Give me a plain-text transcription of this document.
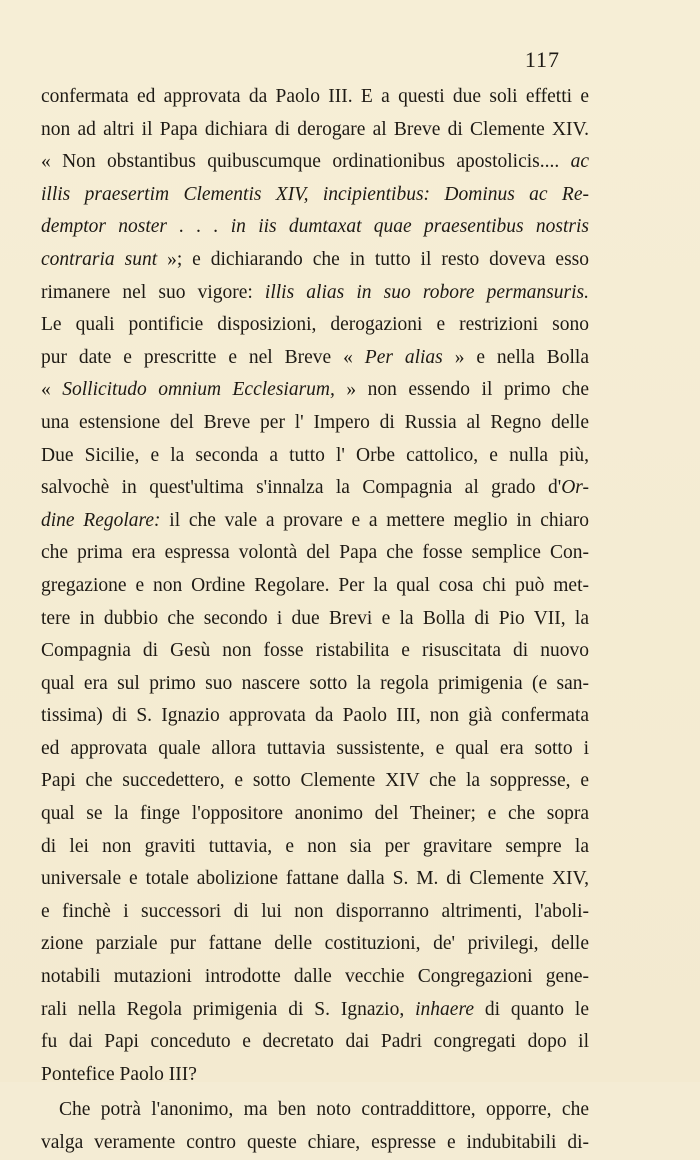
117
confermata ed approvata da Paolo III. E a questi due soli effetti e
non ad altri il Papa dichiara di derogare al Breve di Clemente XIV.
« Non obstantibus quibuscumque ordinationibus apostolicis.... ac
illis praesertim Clementis XIV, incipientibus: Dominus ac Re-
demptor noster . . . in iis dumtaxat quae praesentibus nostris
contraria sunt »; e dichiarando che in tutto il resto doveva esso
rimanere nel suo vigore: illis alias in suo robore permansuris.
Le quali pontificie disposizioni, derogazioni e restrizioni sono
pur date e prescritte e nel Breve « Per alias » e nella Bolla
« Sollicitudo omnium Ecclesiarum, » non essendo il primo che
una estensione del Breve per l' Impero di Russia al Regno delle
Due Sicilie, e la seconda a tutto l' Orbe cattolico, e nulla più,
salvochè in quest'ultima s'innalza la Compagnia al grado d'Or-
dine Regolare: il che vale a provare e a mettere meglio in chiaro
che prima era espressa volontà del Papa che fosse semplice Con-
gregazione e non Ordine Regolare. Per la qual cosa chi può met-
tere in dubbio che secondo i due Brevi e la Bolla di Pio VII, la
Compagnia di Gesù non fosse ristabilita e risuscitata di nuovo
qual era sul primo suo nascere sotto la regola primigenia (e san-
tissima) di S. Ignazio approvata da Paolo III, non già confermata
ed approvata quale allora tuttavia sussistente, e qual era sotto i
Papi che succedettero, e sotto Clemente XIV che la soppresse, e
qual se la finge l'oppositore anonimo del Theiner; e che sopra
di lei non graviti tuttavia, e non sia per gravitare sempre la
universale e totale abolizione fattane dalla S. M. di Clemente XIV,
e finchè i successori di lui non disporranno altrimenti, l'aboli-
zione parziale pur fattane delle costituzioni, de' privilegi, delle
notabili mutazioni introdotte dalle vecchie Congregazioni gene-
rali nella Regola primigenia di S. Ignazio, inhaere di quanto le
fu dai Papi conceduto e decretato dai Padri congregati dopo il
Pontefice Paolo III?
Che potrà l'anonimo, ma ben noto contraddittore, opporre, che
valga veramente contro queste chiare, espresse e indubitabili di-
